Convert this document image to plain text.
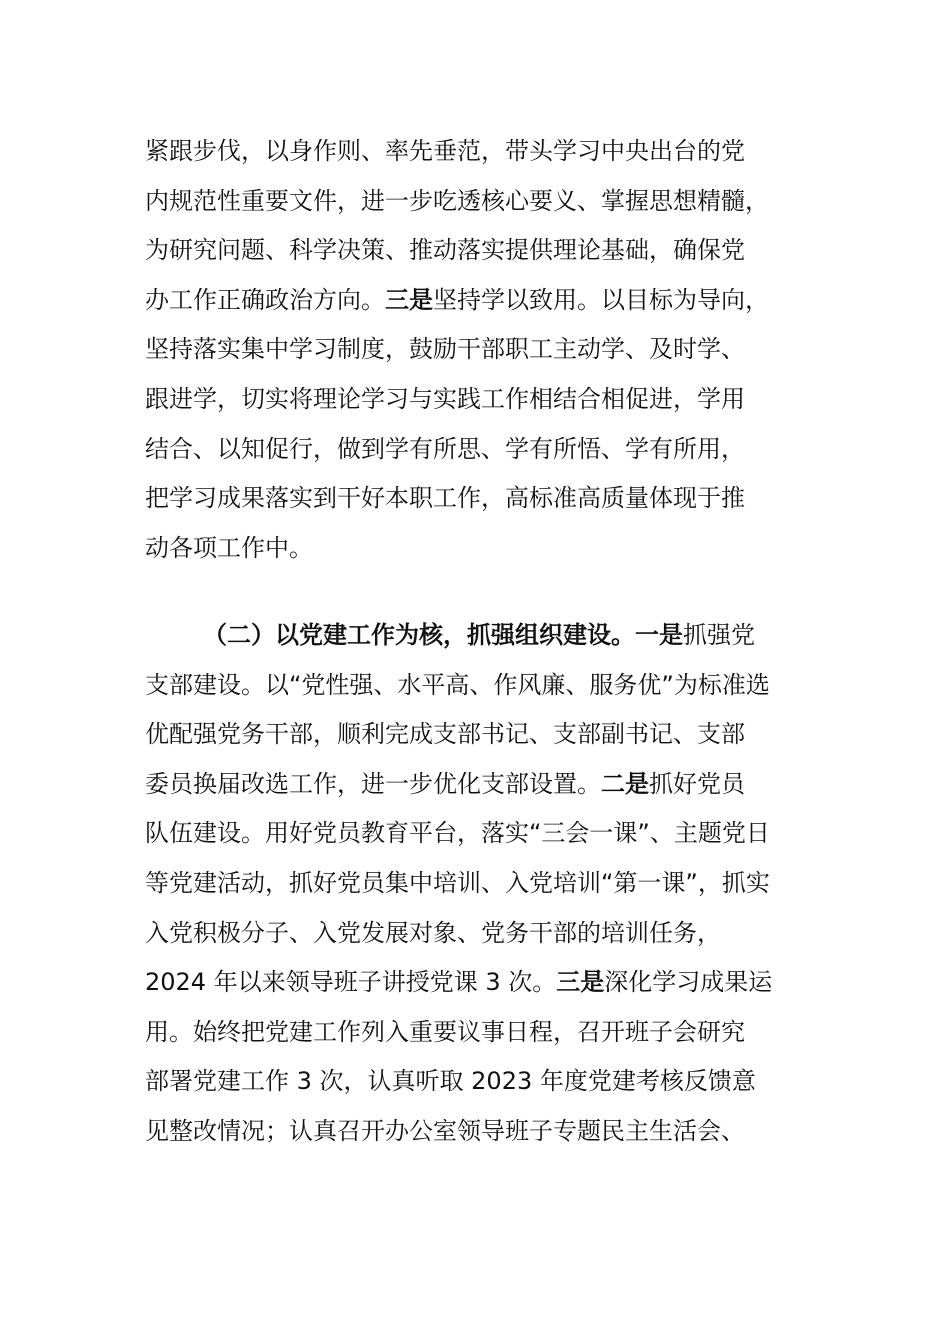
紧跟步伐，以身作则、率先垂范，带头学习中央出台的党
内规范性重要文件，进一步吃透核心要义、掌握思想精髓，
为研究问题、科学决策、推动落实提供理论基础，确保党
办工作正确政治方向。三是坚持学以致用。以目标为导向，
坚持落实集中学习制度，鼓励干部职工主动学、及时学、
跟进学，切实将理论学习与实践工作相结合相促进，学用
结合、以知促行，做到学有所思、学有所悟、学有所用，
把学习成果落实到干好本职工作，高标准高质量体现于推
动各项工作中。
（二）以党建工作为核，抓强组织建设。一是抓强党
支部建设。以“党性强、水平高、作风廉、服务优”为标准选
优配强党务干部，顺利完成支部书记、支部副书记、支部
委员换届改选工作，进一步优化支部设置。二是抓好党员
队伍建设。用好党员教育平台，落实“三会一课”、主题党日
等党建活动，抓好党员集中培训、入党培训“第一课”，抓实
入党积极分子、入党发展对象、党务干部的培训任务，
2024 年以来领导班子讲授党课 3 次。三是深化学习成果运
用。始终把党建工作列入重要议事日程，召开班子会研究
部署党建工作 3 次，认真听取 2023 年度党建考核反馈意
见整改情况；认真召开办公室领导班子专题民主生活会、
